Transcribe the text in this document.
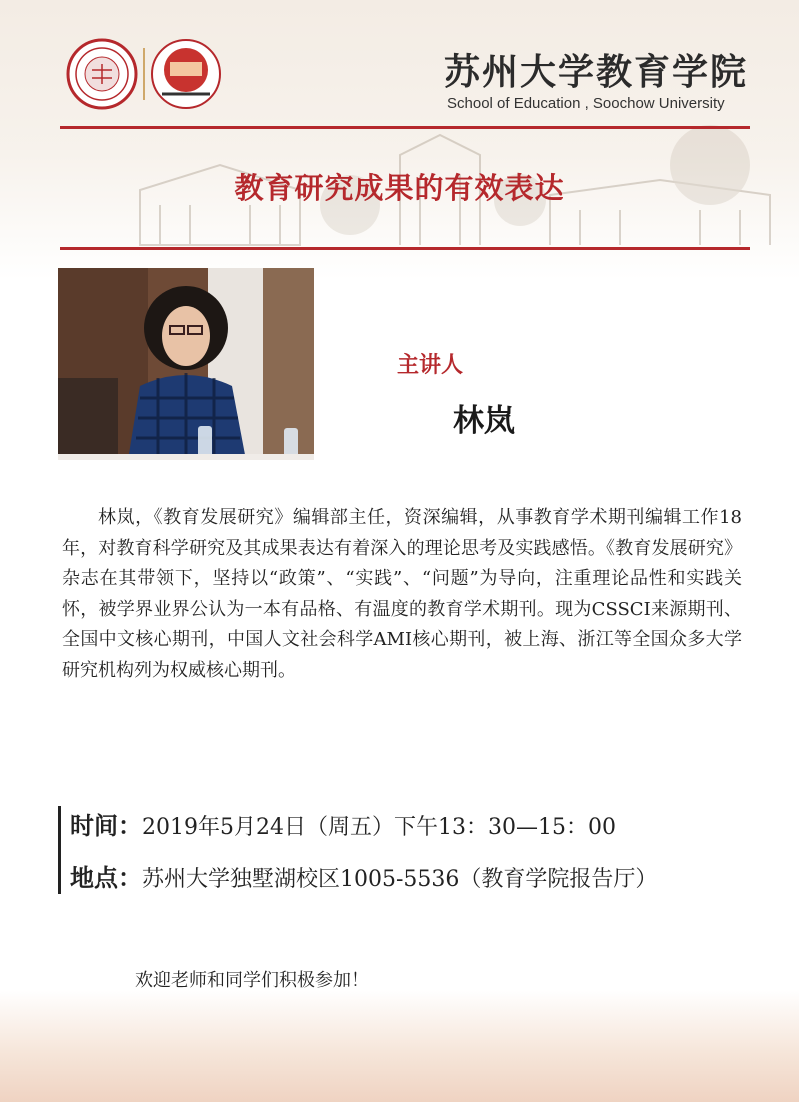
苏州大学教育学院
School of Education , Soochow University
教育研究成果的有效表达
主讲人
林岚

林岚，《教育发展研究》编辑部主任，资深编辑，从事教育学术期刊编辑工作18年，对教育科学研究及其成果表达有着深入的理论思考及实践感悟。《教育发展研究》杂志在其带领下，坚持以“政策”、“实践”、“问题”为导向，注重理论品性和实践关怀，被学界业界公认为一本有品格、有温度的教育学术期刊。现为CSSCI来源期刊、全国中文核心期刊，中国人文社会科学AMI核心期刊，被上海、浙江等全国众多大学研究机构列为权威核心期刊。

时间：2019年5月24日（周五）下午13：30—15：00
地点：苏州大学独墅湖校区1005-5536（教育学院报告厅）
欢迎老师和同学们积极参加！
